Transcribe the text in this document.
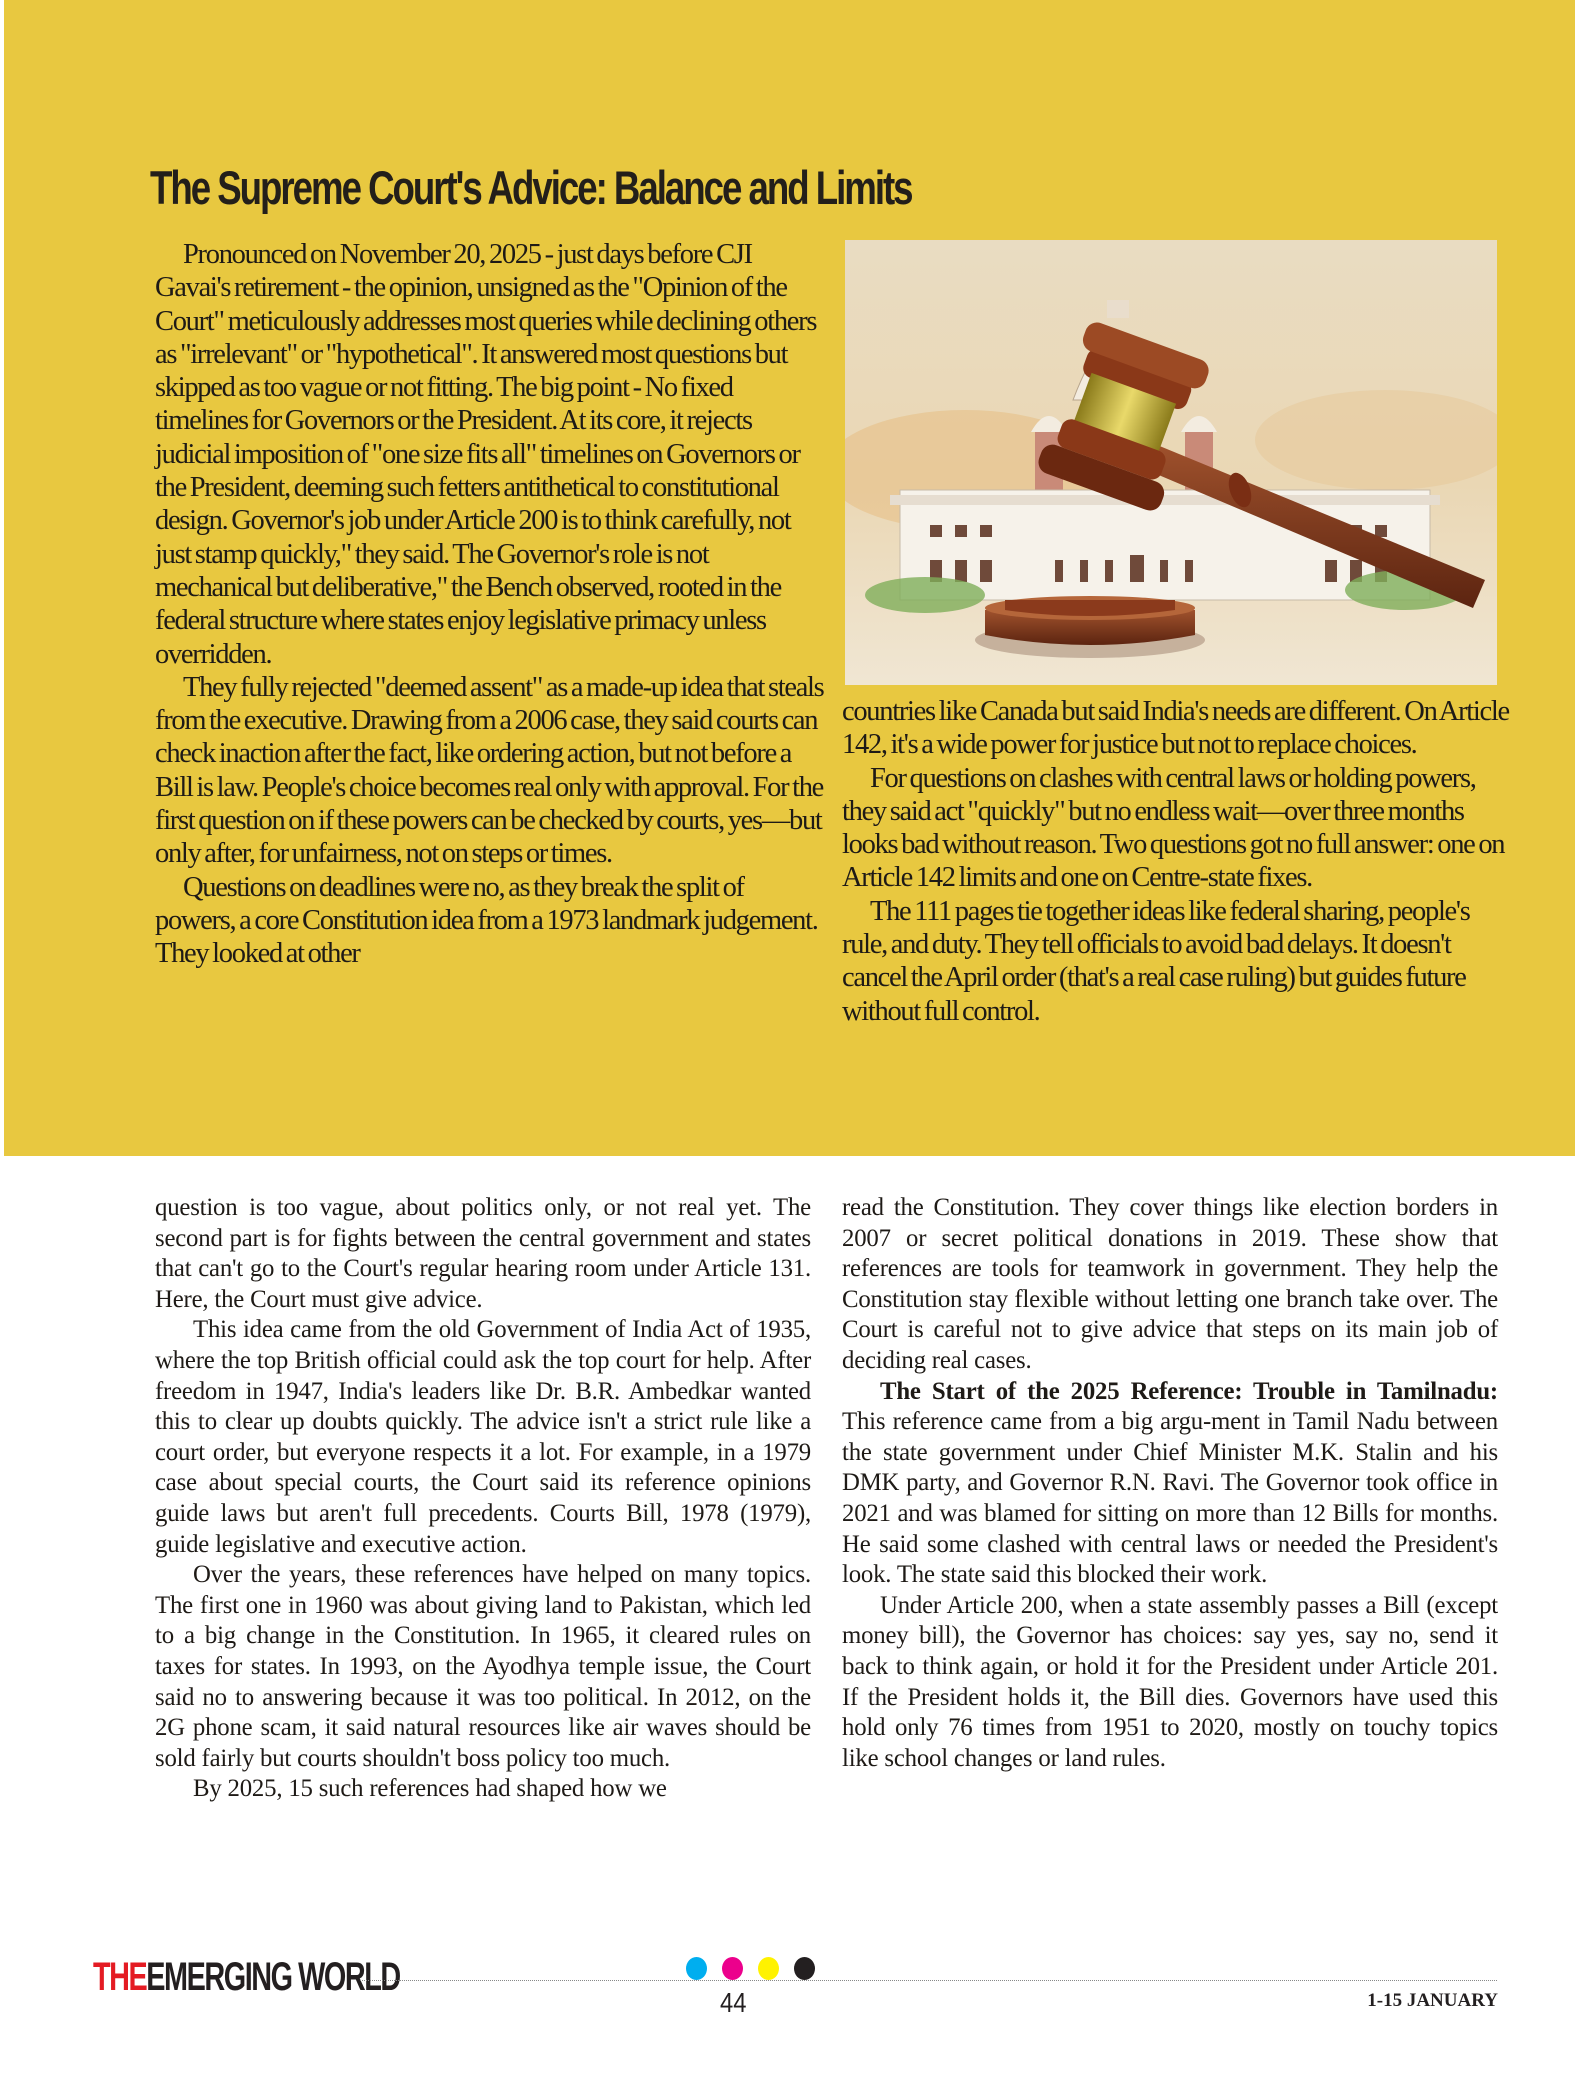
The Supreme Court's Advice: Balance and Limits

Pronounced on November 20, 2025 - just days before CJI Gavai's retirement - the opinion, unsigned as the "Opinion of the Court" meticulously addresses most queries while declining others as "irrelevant" or "hypothetical". It answered most questions but skipped as too vague or not fitting. The big point - No fixed timelines for Governors or the President. At its core, it rejects judicial imposition of "one size fits all" timelines on Governors or the President, deeming such fetters antithetical to constitutional design. Governor's job under Article 200 is to think carefully, not just stamp quickly," they said. The Governor's role is not mechanical but deliberative," the Bench observed, rooted in the federal structure where states enjoy legislative primacy unless overridden.

They fully rejected "deemed assent" as a made-up idea that steals from the executive. Drawing from a 2006 case, they said courts can check inaction after the fact, like ordering action, but not before a Bill is law. People's choice becomes real only with approval. For the first question on if these powers can be checked by courts, yes—but only after, for unfairness, not on steps or times.

Questions on deadlines were no, as they break the split of powers, a core Constitution idea from a 1973 landmark judgement. They looked at other

countries like Canada but said India's needs are different. On Article 142, it's a wide power for justice but not to replace choices.

For questions on clashes with central laws or holding powers, they said act "quickly" but no endless wait—over three months looks bad without reason. Two questions got no full answer: one on Article 142 limits and one on Centre-state fixes.

The 111 pages tie together ideas like federal sharing, people's rule, and duty. They tell officials to avoid bad delays. It doesn't cancel the April order (that's a real case ruling) but guides future without full control.

question is too vague, about politics only, or not real yet. The second part is for fights between the central government and states that can't go to the Court's regular hearing room under Article 131. Here, the Court must give advice.

This idea came from the old Government of India Act of 1935, where the top British official could ask the top court for help. After freedom in 1947, India's leaders like Dr. B.R. Ambedkar wanted this to clear up doubts quickly. The advice isn't a strict rule like a court order, but everyone respects it a lot. For example, in a 1979 case about special courts, the Court said its reference opinions guide laws but aren't full precedents. Courts Bill, 1978 (1979), guide legislative and executive action.

Over the years, these references have helped on many topics. The first one in 1960 was about giving land to Pakistan, which led to a big change in the Constitution. In 1965, it cleared rules on taxes for states. In 1993, on the Ayodhya temple issue, the Court said no to answering because it was too political. In 2012, on the 2G phone scam, it said natural resources like air waves should be sold fairly but courts shouldn't boss policy too much.

By 2025, 15 such references had shaped how we

read the Constitution. They cover things like election borders in 2007 or secret political donations in 2019. These show that references are tools for teamwork in government. They help the Constitution stay flexible without letting one branch take over. The Court is careful not to give advice that steps on its main job of deciding real cases.

The Start of the 2025 Reference: Trouble in Tamilnadu: This reference came from a big argu-ment in Tamil Nadu between the state government under Chief Minister M.K. Stalin and his DMK party, and Governor R.N. Ravi. The Governor took office in 2021 and was blamed for sitting on more than 12 Bills for months. He said some clashed with central laws or needed the President's look. The state said this blocked their work.

Under Article 200, when a state assembly passes a Bill (except money bill), the Governor has choices: say yes, say no, send it back to think again, or hold it for the President under Article 201. If the President holds it, the Bill dies. Governors have used this hold only 76 times from 1951 to 2020, mostly on touchy topics like school changes or land rules.

THEEMERGING WORLD
44	1-15 JANUARY
